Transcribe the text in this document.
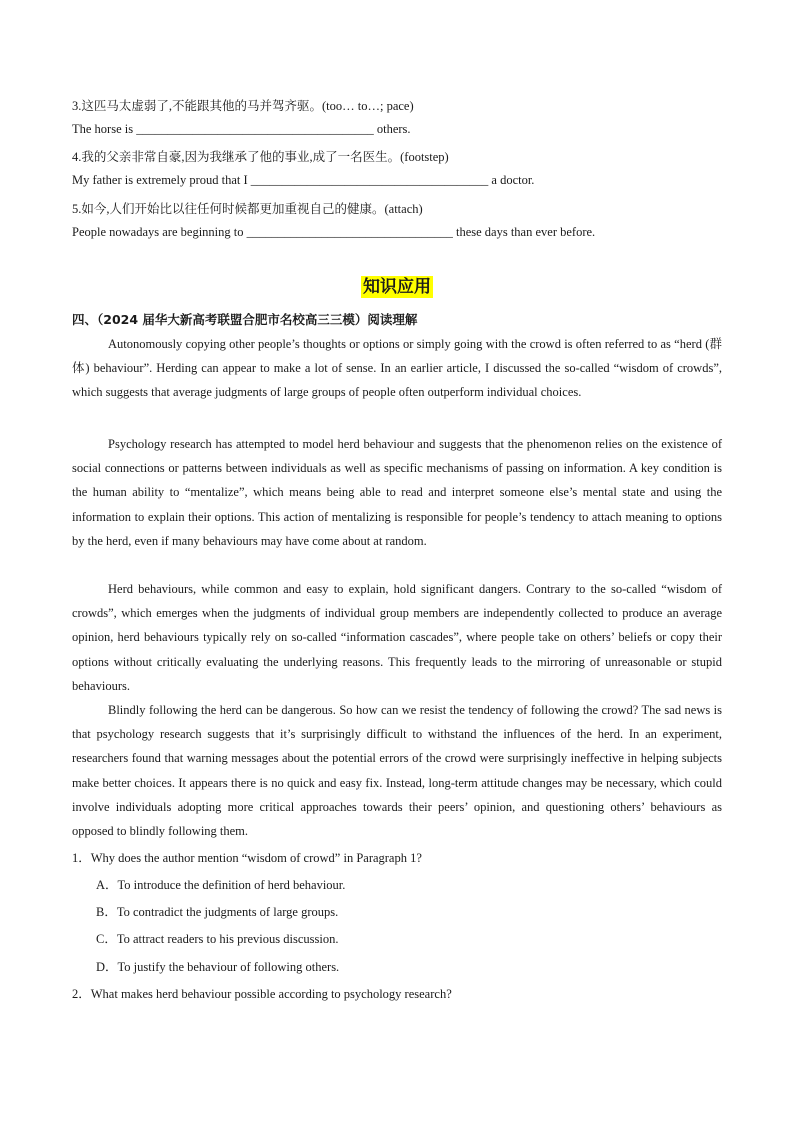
3.这匹马太虚弱了,不能跟其他的马并驾齐驱。(too… to…; pace)
The horse is ______________________________________ others.
4.我的父亲非常自豪,因为我继承了他的事业,成了一名医生。(footstep)
My father is extremely proud that I ______________________________________ a doctor.
5.如今,人们开始比以往任何时候都更加重视自己的健康。(attach)
People nowadays are beginning to _________________________________ these days than ever before.
知识应用
四、（2024 届华大新高考联盟合肥市名校高三三模）阅读理解

Autonomously copying other people’s thoughts or options or simply going with the crowd is often referred to as “herd (群体) behaviour”. Herding can appear to make a lot of sense. In an earlier article, I discussed the so-called “wisdom of crowds”, which suggests that average judgments of large groups of people often outperform individual choices.

Psychology research has attempted to model herd behaviour and suggests that the phenomenon relies on the existence of social connections or patterns between individuals as well as specific mechanisms of passing on information. A key condition is the human ability to “mentalize”, which means being able to read and interpret someone else’s mental state and using the information to explain their options. This action of mentalizing is responsible for people’s tendency to attach meaning to options by the herd, even if many behaviours may have come about at random.

Herd behaviours, while common and easy to explain, hold significant dangers. Contrary to the so-called “wisdom of crowds”, which emerges when the judgments of individual group members are independently collected to produce an average opinion, herd behaviours typically rely on so-called “information cascades”, where people take on others’ beliefs or copy their options without critically evaluating the underlying reasons. This frequently leads to the mirroring of unreasonable or stupid behaviours.

Blindly following the herd can be dangerous. So how can we resist the tendency of following the crowd? The sad news is that psychology research suggests that it’s surprisingly difficult to withstand the influences of the herd. In an experiment, researchers found that warning messages about the potential errors of the crowd were surprisingly ineffective in helping subjects make better choices. It appears there is no quick and easy fix. Instead, long-term attitude changes may be necessary, which could involve individuals adopting more critical approaches towards their peers’ opinion, and questioning others’ behaviours as opposed to blindly following them.

1．Why does the author mention “wisdom of crowd” in Paragraph 1?
A．To introduce the definition of herd behaviour.
B．To contradict the judgments of large groups.
C．To attract readers to his previous discussion.
D．To justify the behaviour of following others.
2．What makes herd behaviour possible according to psychology research?
